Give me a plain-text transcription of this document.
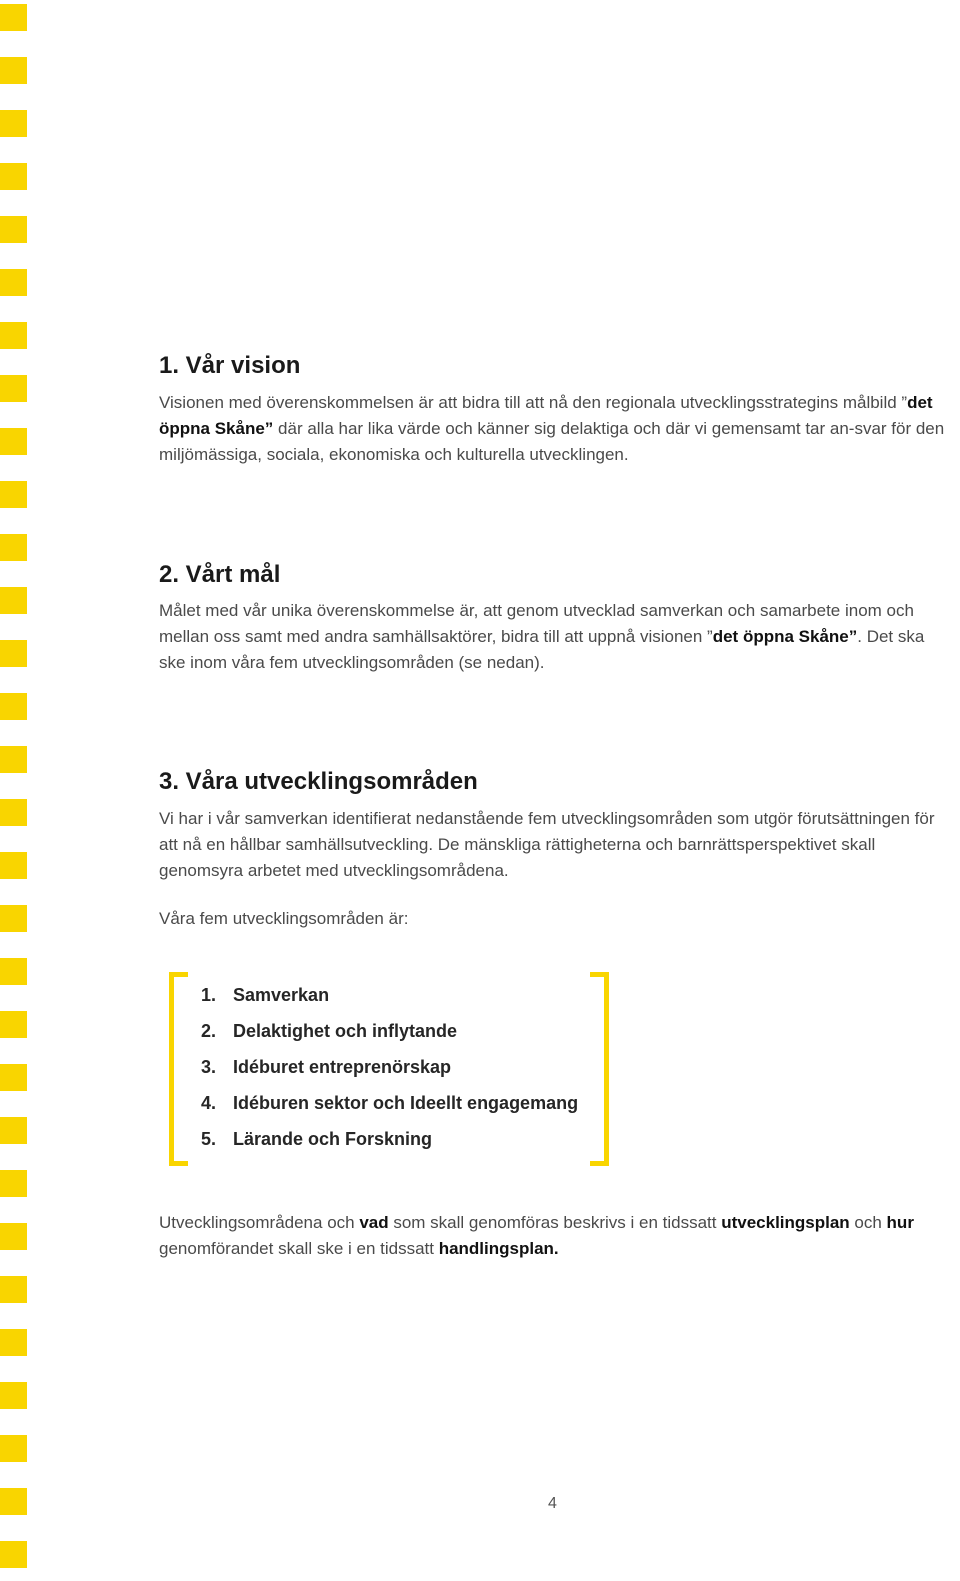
1. Vår vision

Visionen med överenskommelsen är att bidra till att nå den regionala utvecklingsstrategins målbild ”det öppna Skåne” där alla har lika värde och känner sig delaktiga och där vi gemensamt tar an-svar för den miljömässiga, sociala, ekonomiska och kulturella utvecklingen.

2. Vårt mål

Målet med vår unika överenskommelse är, att genom utvecklad samverkan och samarbete inom och mellan oss samt med andra samhällsaktörer, bidra till att uppnå visionen ”det öppna Skåne”. Det ska ske inom våra fem utvecklingsområden (se nedan).

3. Våra utvecklingsområden

Vi har i vår samverkan identifierat nedanstående fem utvecklingsområden som utgör förutsättningen för att nå en hållbar samhällsutveckling. De mänskliga rättigheterna och barnrättsperspektivet skall genomsyra arbetet med utvecklingsområdena.

Våra fem utvecklingsområden är:

Utvecklingsområdena och vad som skall genomföras beskrivs i en tidssatt utvecklingsplan och hur genomförandet skall ske i en tidssatt handlingsplan.

1. Samverkan
2. Delaktighet och inflytande
3. Idéburet entreprenörskap
4. Idéburen sektor och Ideellt engagemang
5. Lärande och Forskning
4
